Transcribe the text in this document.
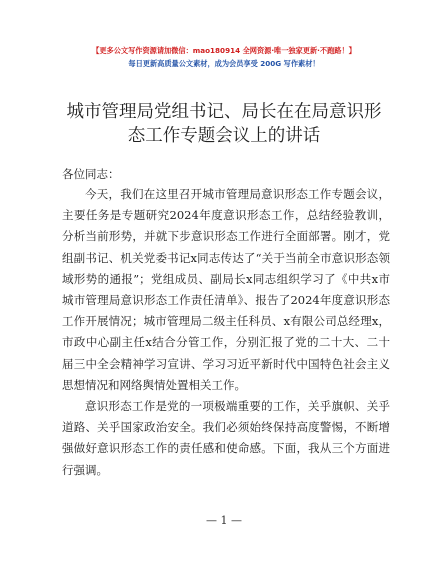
【更多公文写作资源请加微信：mao180914 全网资源·唯一独家更新·不跑路！】
每日更新高质量公文素材，成为会员享受 200G 写作素材！
城市管理局党组书记、局长在在局意识形态工作专题会议上的讲话
各位同志：
今天，我们在这里召开城市管理局意识形态工作专题会议，主要任务是专题研究2024年度意识形态工作，总结经验教训，分析当前形势，并就下步意识形态工作进行全面部署。刚才，党组副书记、机关党委书记x同志传达了“关于当前全市意识形态领域形势的通报”；党组成员、副局长x同志组织学习了《中共x市城市管理局意识形态工作责任清单》、报告了2024年度意识形态工作开展情况；城市管理局二级主任科员、x有限公司总经理x，市政中心副主任x结合分管工作，分别汇报了党的二十大、二十届三中全会精神学习宣讲、学习习近平新时代中国特色社会主义思想情况和网络舆情处置相关工作。
意识形态工作是党的一项极端重要的工作，关乎旗帜、关乎道路、关乎国家政治安全。我们必须始终保持高度警惕，不断增强做好意识形态工作的责任感和使命感。下面，我从三个方面进行强调。
— 1 —
